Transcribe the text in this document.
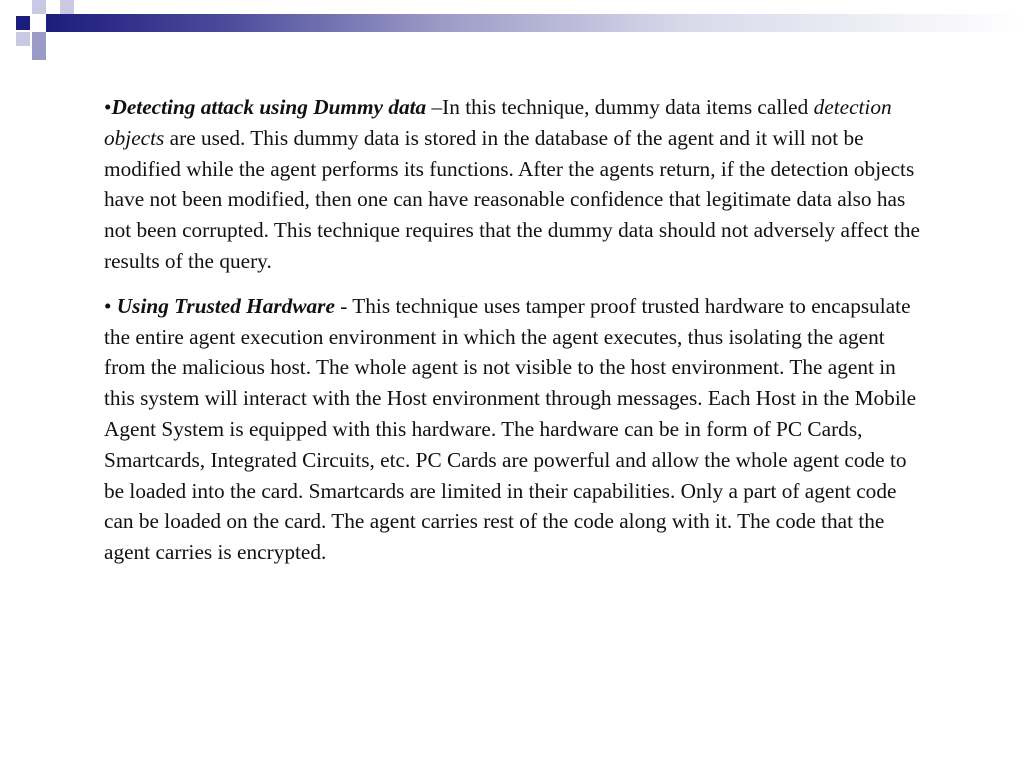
•Detecting attack using Dummy data –In this technique, dummy data items called detection objects are used. This dummy data is stored in the database of the agent and it will not be modified while the agent performs its functions. After the agents return, if the detection objects have not been modified, then one can have reasonable confidence that legitimate data also has not been corrupted. This technique requires that the dummy data should not adversely affect the results of the query.

• Using Trusted Hardware - This technique uses tamper proof trusted hardware to encapsulate the entire agent execution environment in which the agent executes, thus isolating the agent from the malicious host. The whole agent is not visible to the host environment. The agent in this system will interact with the Host environment through messages. Each Host in the Mobile Agent System is equipped with this hardware. The hardware can be in form of PC Cards, Smartcards, Integrated Circuits, etc. PC Cards are powerful and allow the whole agent code to be loaded into the card. Smartcards are limited in their capabilities. Only a part of agent code can be loaded on the card. The agent carries rest of the code along with it. The code that the agent carries is encrypted.
